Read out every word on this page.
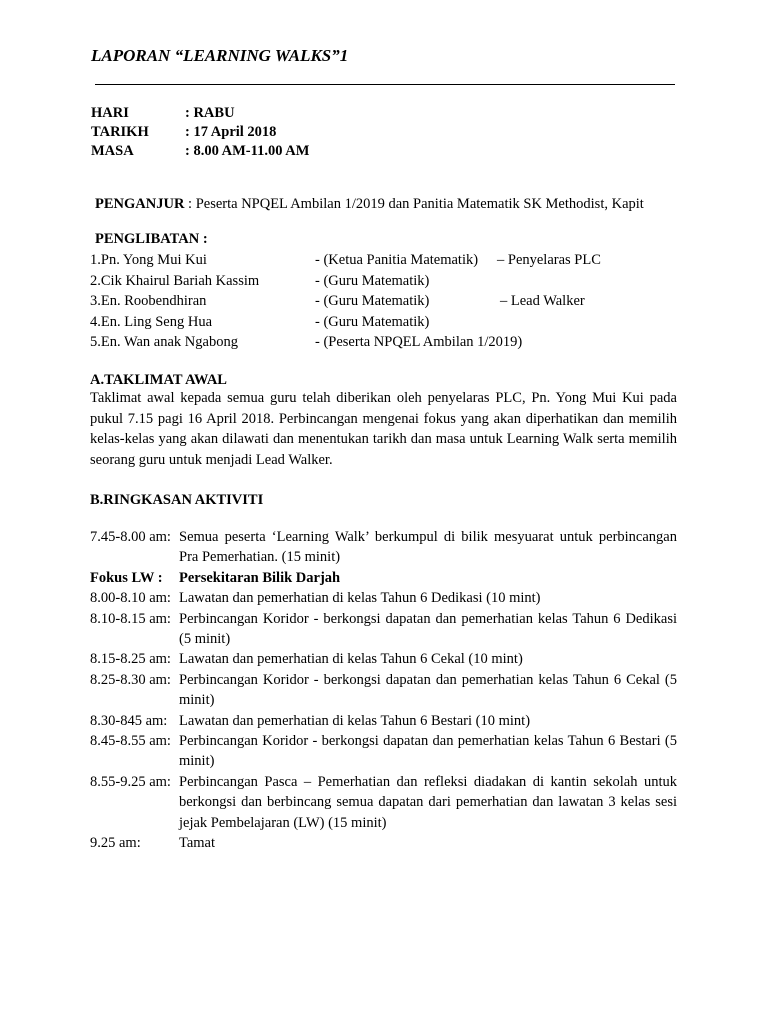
LAPORAN “LEARNING WALKS”1
HARI	: RABU
TARIKH	: 17 April 2018
MASA	: 8.00 AM-11.00 AM
PENGANJUR : Peserta NPQEL Ambilan 1/2019 dan Panitia Matematik SK Methodist, Kapit
PENGLIBATAN :
1.Pn. Yong Mui Kui	- (Ketua Panitia Matematik) – Penyelaras PLC
2.Cik Khairul Bariah Kassim	- (Guru Matematik)
3.En. Roobendhiran	- (Guru Matematik)	– Lead Walker
4.En. Ling Seng Hua	- (Guru Matematik)
5.En. Wan anak Ngabong	- (Peserta NPQEL Ambilan 1/2019)
A.TAKLIMAT AWAL
Taklimat awal kepada semua guru telah diberikan oleh penyelaras PLC, Pn. Yong Mui Kui pada pukul 7.15 pagi 16 April 2018. Perbincangan mengenai fokus yang akan diperhatikan dan memilih kelas-kelas yang akan dilawati dan menentukan tarikh dan masa untuk Learning Walk serta memilih seorang guru untuk menjadi Lead Walker.
B.RINGKASAN AKTIVITI
7.45-8.00 am: Semua peserta ‘Learning Walk’ berkumpul di bilik mesyuarat untuk perbincangan Pra Pemerhatian. (15 minit)
Fokus LW :	Persekitaran Bilik Darjah
8.00-8.10 am: Lawatan dan pemerhatian di kelas Tahun 6 Dedikasi (10 mint)
8.10-8.15 am: Perbincangan Koridor - berkongsi dapatan dan pemerhatian kelas Tahun 6 Dedikasi (5 minit)
8.15-8.25 am: Lawatan dan pemerhatian di kelas Tahun 6 Cekal (10 mint)
8.25-8.30 am: Perbincangan Koridor - berkongsi dapatan dan pemerhatian kelas Tahun 6 Cekal (5 minit)
8.30-845 am: Lawatan dan pemerhatian di kelas Tahun 6 Bestari (10 mint)
8.45-8.55 am: Perbincangan Koridor - berkongsi dapatan dan pemerhatian kelas Tahun 6 Bestari (5 minit)
8.55-9.25 am: Perbincangan Pasca – Pemerhatian dan refleksi diadakan di kantin sekolah untuk berkongsi dan berbincang semua dapatan dari pemerhatian dan lawatan 3 kelas sesi jejak Pembelajaran (LW) (15 minit)
9.25 am:	Tamat
